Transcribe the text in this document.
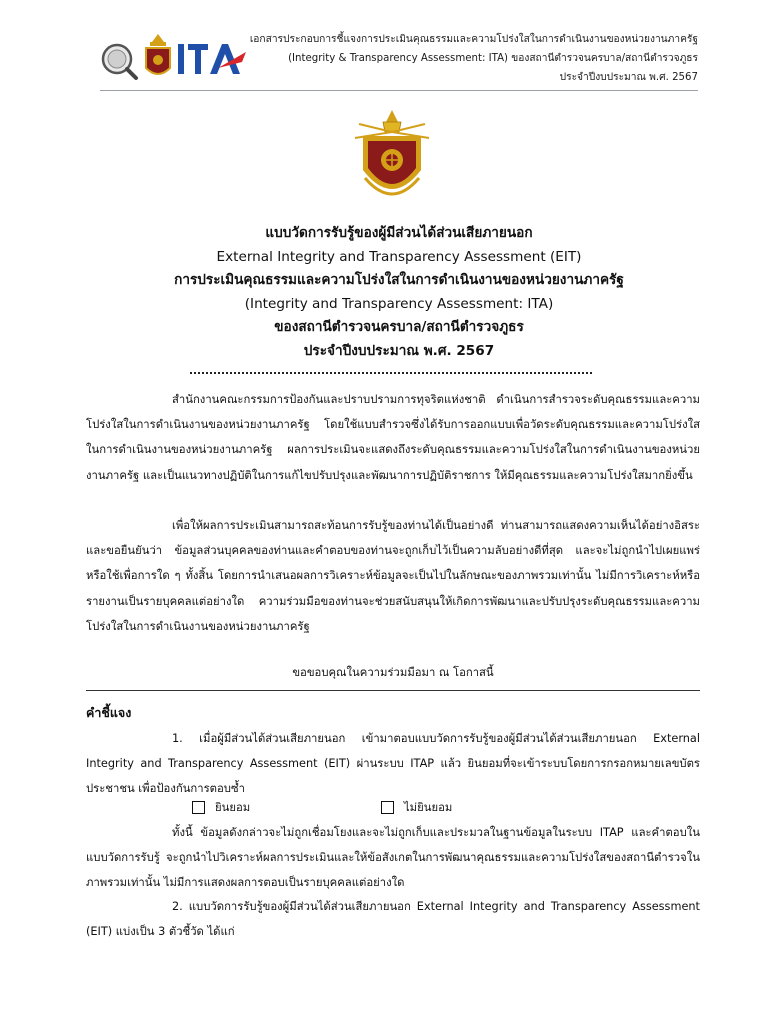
เอกสารประกอบการชี้แจงการประเมินคุณธรรมและความโปร่งใสในการดำเนินงานของหน่วยงานภาครัฐ
(Integrity & Transparency Assessment: ITA) ของสถานีตำรวจนครบาล/สถานีตำรวจภูธร
ประจำปีงบประมาณ พ.ศ. 2567
แบบวัดการรับรู้ของผู้มีส่วนได้ส่วนเสียภายนอก
External Integrity and Transparency Assessment (EIT)
การประเมินคุณธรรมและความโปร่งใสในการดำเนินงานของหน่วยงานภาครัฐ
(Integrity and Transparency Assessment: ITA)
ของสถานีตำรวจนครบาล/สถานีตำรวจภูธร
ประจำปีงบประมาณ พ.ศ. 2567
สำนักงานคณะกรรมการป้องกันและปราบปรามการทุจริตแห่งชาติ ดำเนินการสำรวจระดับคุณธรรมและความโปร่งใสในการดำเนินงานของหน่วยงานภาครัฐ โดยใช้แบบสำรวจซึ่งได้รับการออกแบบเพื่อวัดระดับคุณธรรมและความโปร่งใสในการดำเนินงานของหน่วยงานภาครัฐ ผลการประเมินจะแสดงถึงระดับคุณธรรมและความโปร่งใสในการดำเนินงานของหน่วยงานภาครัฐ และเป็นแนวทางปฏิบัติในการแก้ไขปรับปรุงและพัฒนาการปฏิบัติราชการ ให้มีคุณธรรมและความโปร่งใสมากยิ่งขึ้น
เพื่อให้ผลการประเมินสามารถสะท้อนการรับรู้ของท่านได้เป็นอย่างดี ท่านสามารถแสดงความเห็นได้อย่างอิสระ และขอยืนยันว่า ข้อมูลส่วนบุคคลของท่านและคำตอบของท่านจะถูกเก็บไว้เป็นความลับอย่างดีที่สุด และจะไม่ถูกนำไปเผยแพร่หรือใช้เพื่อการใด ๆ ทั้งสิ้น โดยการนำเสนอผลการวิเคราะห์ข้อมูลจะเป็นไปในลักษณะของภาพรวมเท่านั้น ไม่มีการวิเคราะห์หรือรายงานเป็นรายบุคคลแต่อย่างใด ความร่วมมือของท่านจะช่วยสนับสนุนให้เกิดการพัฒนาและปรับปรุงระดับคุณธรรมและความโปร่งใสในการดำเนินงานของหน่วยงานภาครัฐ
ขอขอบคุณในความร่วมมือมา ณ โอกาสนี้
คำชี้แจง
1. เมื่อผู้มีส่วนได้ส่วนเสียภายนอก เข้ามาตอบแบบวัดการรับรู้ของผู้มีส่วนได้ส่วนเสียภายนอก External Integrity and Transparency Assessment (EIT) ผ่านระบบ ITAP แล้ว ยินยอมที่จะเข้าระบบโดยการกรอกหมายเลขบัตรประชาชน เพื่อป้องกันการตอบซ้ำ
ยินยอม	ไม่ยินยอม
ทั้งนี้ ข้อมูลดังกล่าวจะไม่ถูกเชื่อมโยงและจะไม่ถูกเก็บและประมวลในฐานข้อมูลในระบบ ITAP และคำตอบในแบบวัดการรับรู้ จะถูกนำไปวิเคราะห์ผลการประเมินและให้ข้อสังเกตในการพัฒนาคุณธรรมและความโปร่งใสของสถานีตำรวจในภาพรวมเท่านั้น ไม่มีการแสดงผลการตอบเป็นรายบุคคลแต่อย่างใด
2. แบบวัดการรับรู้ของผู้มีส่วนได้ส่วนเสียภายนอก External Integrity and Transparency Assessment (EIT) แบ่งเป็น 3 ตัวชี้วัด ได้แก่
